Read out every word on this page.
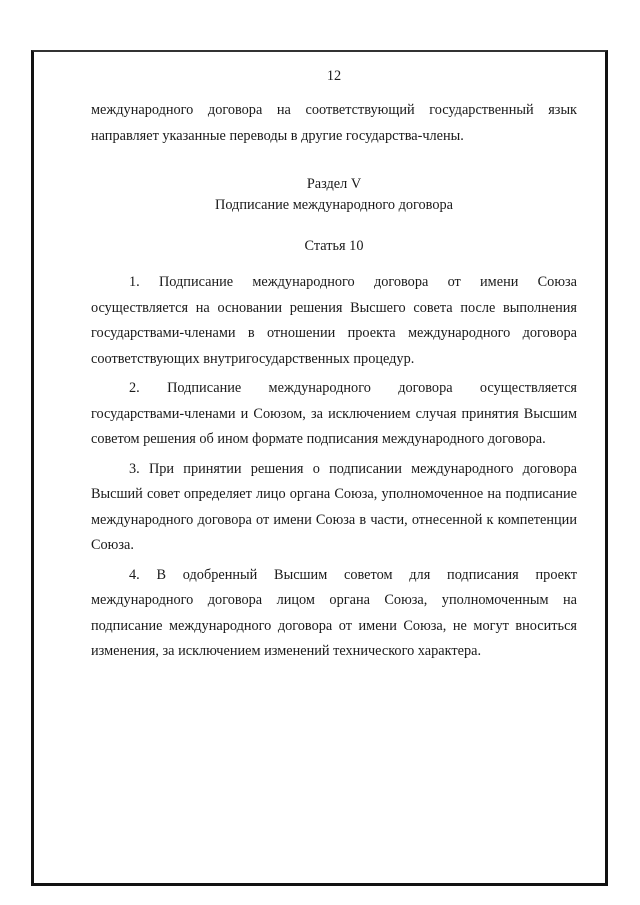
12

международного договора на соответствующий государственный язык направляет указанные переводы в другие государства-члены.

Раздел V
Подписание международного договора
Статья 10

1. Подписание международного договора от имени Союза осуществляется на основании решения Высшего совета после выполнения государствами-членами в отношении проекта международного договора соответствующих внутригосударственных процедур.

2. Подписание международного договора осуществляется государствами-членами и Союзом, за исключением случая принятия Высшим советом решения об ином формате подписания международного договора.

3. При принятии решения о подписании международного договора Высший совет определяет лицо органа Союза, уполномоченное на подписание международного договора от имени Союза в части, отнесенной к компетенции Союза.

4. В одобренный Высшим советом для подписания проект международного договора лицом органа Союза, уполномоченным на подписание международного договора от имени Союза, не могут вноситься изменения, за исключением изменений технического характера.
